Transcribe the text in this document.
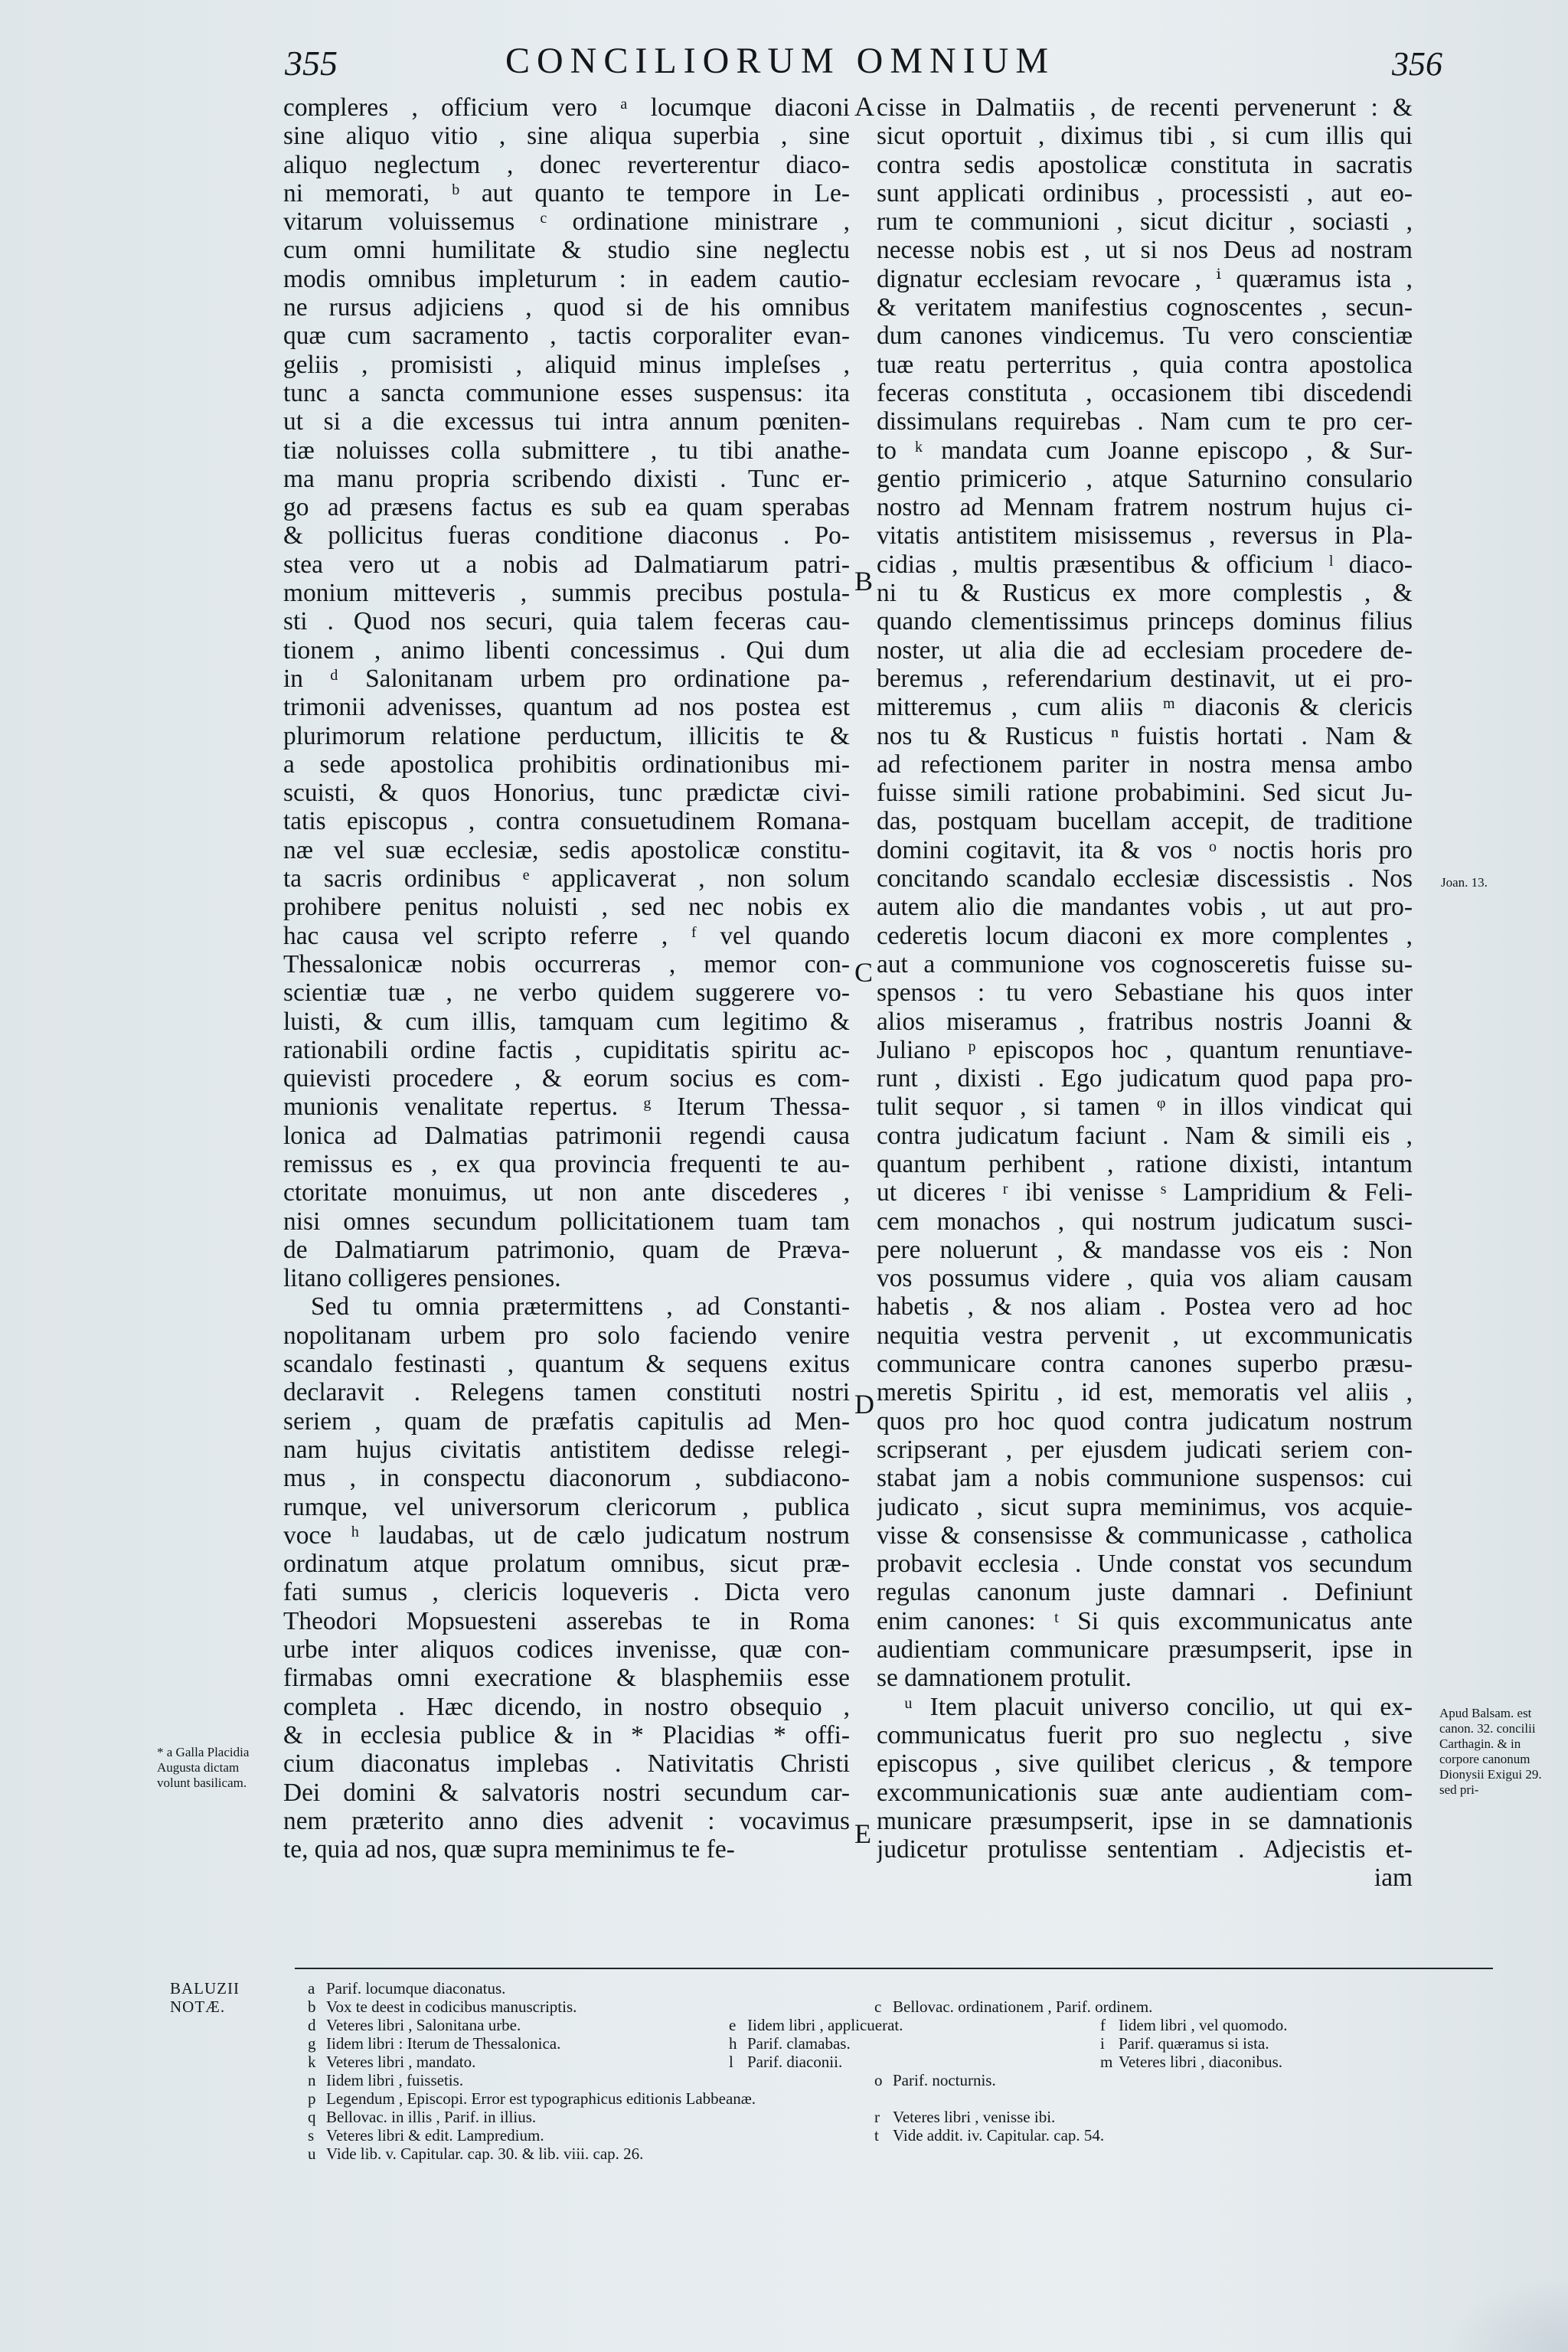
355	CONCILIORUM OMNIUM	356
compleres , officium vero ᵃ locumque diaconi
sine aliquo vitio , sine aliqua superbia , sine
aliquo neglectum , donec reverterentur diaco-
ni memorati, ᵇ aut quanto te tempore in Le-
vitarum voluissemus ᶜ ordinatione ministrare ,
cum omni humilitate & studio sine neglectu
modis omnibus impleturum : in eadem cautio-
ne rursus adjiciens , quod si de his omnibus
quæ cum sacramento , tactis corporaliter evan-
geliis , promisisti , aliquid minus impleſses ,
tunc a sancta communione esses suspensus: ita
ut si a die excessus tui intra annum pœniten-
tiæ noluisses colla submittere , tu tibi anathe-
ma manu propria scribendo dixisti . Tunc er-
go ad præsens factus es sub ea quam sperabas
& pollicitus fueras conditione diaconus . Po-
stea vero ut a nobis ad Dalmatiarum patri-
monium mitteveris , summis precibus postula-
sti . Quod nos securi, quia talem feceras cau-
tionem , animo libenti concessimus . Qui dum
in ᵈ Salonitanam urbem pro ordinatione pa-
trimonii advenisses, quantum ad nos postea est
plurimorum relatione perductum, illicitis te &
a sede apostolica prohibitis ordinationibus mi-
scuisti, & quos Honorius, tunc prædictæ civi-
tatis episcopus , contra consuetudinem Romana-
næ vel suæ ecclesiæ, sedis apostolicæ constitu-
ta sacris ordinibus ᵉ applicaverat , non solum
prohibere penitus noluisti , sed nec nobis ex
hac causa vel scripto referre , ᶠ vel quando
Thessalonicæ nobis occurreras , memor con-
scientiæ tuæ , ne verbo quidem suggerere vo-
luisti, & cum illis, tamquam cum legitimo &
rationabili ordine factis , cupiditatis spiritu ac-
quievisti procedere , & eorum socius es com-
munionis venalitate repertus. ᵍ Iterum Thessa-
lonica ad Dalmatias patrimonii regendi causa
remissus es , ex qua provincia frequenti te au-
ctoritate monuimus, ut non ante discederes ,
nisi omnes secundum pollicitationem tuam tam
de Dalmatiarum patrimonio, quam de Præva-
litano colligeres pensiones.
Sed tu omnia prætermittens , ad Constanti-
nopolitanam urbem pro solo faciendo venire
scandalo festinasti , quantum & sequens exitus
declaravit . Relegens tamen constituti nostri
seriem , quam de præfatis capitulis ad Men-
nam hujus civitatis antistitem dedisse relegi-
mus , in conspectu diaconorum , subdiacono-
rumque, vel universorum clericorum , publica
voce ʰ laudabas, ut de cælo judicatum nostrum
ordinatum atque prolatum omnibus, sicut præ-
fati sumus , clericis loqueveris . Dicta vero
Theodori Mopsuesteni asserebas te in Roma
urbe inter aliquos codices invenisse, quæ con-
firmabas omni execratione & blasphemiis esse
completa . Hæc dicendo, in nostro obsequio ,
& in ecclesia publice & in * Placidias * offi-
cium diaconatus implebas . Nativitatis Christi
Dei domini & salvatoris nostri secundum car-
nem præterito anno dies advenit : vocavimus
te, quia ad nos, quæ supra meminimus te fe-
cisse in Dalmatiis , de recenti pervenerunt : &
sicut oportuit , diximus tibi , si cum illis qui
contra sedis apostolicæ constituta in sacratis
sunt applicati ordinibus , processisti , aut eo-
rum te communioni , sicut dicitur , sociasti ,
necesse nobis est , ut si nos Deus ad nostram
dignatur ecclesiam revocare , ⁱ quæramus ista ,
& veritatem manifestius cognoscentes , secun-
dum canones vindicemus. Tu vero conscientiæ
tuæ reatu perterritus , quia contra apostolica
feceras constituta , occasionem tibi discedendi
dissimulans requirebas . Nam cum te pro cer-
to ᵏ mandata cum Joanne episcopo , & Sur-
gentio primicerio , atque Saturnino consulario
nostro ad Mennam fratrem nostrum hujus ci-
vitatis antistitem misissemus , reversus in Pla-
cidias , multis præsentibus & officium ˡ diaco-
ni tu & Rusticus ex more complestis , &
quando clementissimus princeps dominus filius
noster, ut alia die ad ecclesiam procedere de-
beremus , referendarium destinavit, ut ei pro-
mitteremus , cum aliis ᵐ diaconis & clericis
nos tu & Rusticus ⁿ fuistis hortati . Nam &
ad refectionem pariter in nostra mensa ambo
fuisse simili ratione probabimini. Sed sicut Ju-
das, postquam bucellam accepit, de traditione
domini cogitavit, ita & vos ᵒ noctis horis pro
concitando scandalo ecclesiæ discessistis . Nos
autem alio die mandantes vobis , ut aut pro-
cederetis locum diaconi ex more complentes ,
aut a communione vos cognosceretis fuisse su-
spensos : tu vero Sebastiane his quos inter
alios miseramus , fratribus nostris Joanni &
Juliano ᵖ episcopos hoc , quantum renuntiave-
runt , dixisti . Ego judicatum quod papa pro-
tulit sequor , si tamen ᵠ in illos vindicat qui
contra judicatum faciunt . Nam & simili eis ,
quantum perhibent , ratione dixisti, intantum
ut diceres ʳ ibi venisse ˢ Lampridium & Feli-
cem monachos , qui nostrum judicatum susci-
pere noluerunt , & mandasse vos eis : Non
vos possumus videre , quia vos aliam causam
habetis , & nos aliam . Postea vero ad hoc
nequitia vestra pervenit , ut excommunicatis
communicare contra canones superbo præsu-
meretis Spiritu , id est, memoratis vel aliis ,
quos pro hoc quod contra judicatum nostrum
scripserant , per ejusdem judicati seriem con-
stabat jam a nobis communione suspensos: cui
judicato , sicut supra meminimus, vos acquie-
visse & consensisse & communicasse , catholica
probavit ecclesia . Unde constat vos secundum
regulas canonum juste damnari . Definiunt
enim canones: ᵗ Si quis excommunicatus ante
audientiam communicare præsumpserit, ipse in
se damnationem protulit.
ᵘ Item placuit universo concilio, ut qui ex-
communicatus fuerit pro suo neglectu , sive
episcopus , sive quilibet clericus , & tempore
excommunicationis suæ ante audientiam com-
municare præsumpserit, ipse in se damnationis
judicetur protulisse sententiam . Adjecistis et-
iam
A
B
C
D
E
* a Galla Placidia Augusta dictam volunt basilicam.
Joan. 13.
Apud Balsam. est canon. 32. concilii Carthagin. & in corpore canonum Dionysii Exigui 29. sed pri-
BALUZII NOTÆ.
a Parif. locumque diaconatus.
b Vox te deest in codicibus manuscriptis.	c Bellovac. ordinationem , Parif. ordinem.
d Veteres libri , Salonitana urbe.	e Iidem libri , applicuerat.	f Iidem libri , vel quomodo.
g Iidem libri : Iterum de Thessalonica.	h Parif. clamabas.	i Parif. quæramus si ista.
k Veteres libri , mandato.	l Parif. diaconii.	m Veteres libri , diaconibus.
n Iidem libri , fuissetis.	o Parif. nocturnis.
p Legendum , Episcopi. Error est typographicus editionis Labbeanæ.
q Bellovac. in illis , Parif. in illius.	r Veteres libri , venisse ibi.
s Veteres libri & edit. Lampredium.	t Vide addit. iv. Capitular. cap. 54.
u Vide lib. v. Capitular. cap. 30. & lib. viii. cap. 26.
